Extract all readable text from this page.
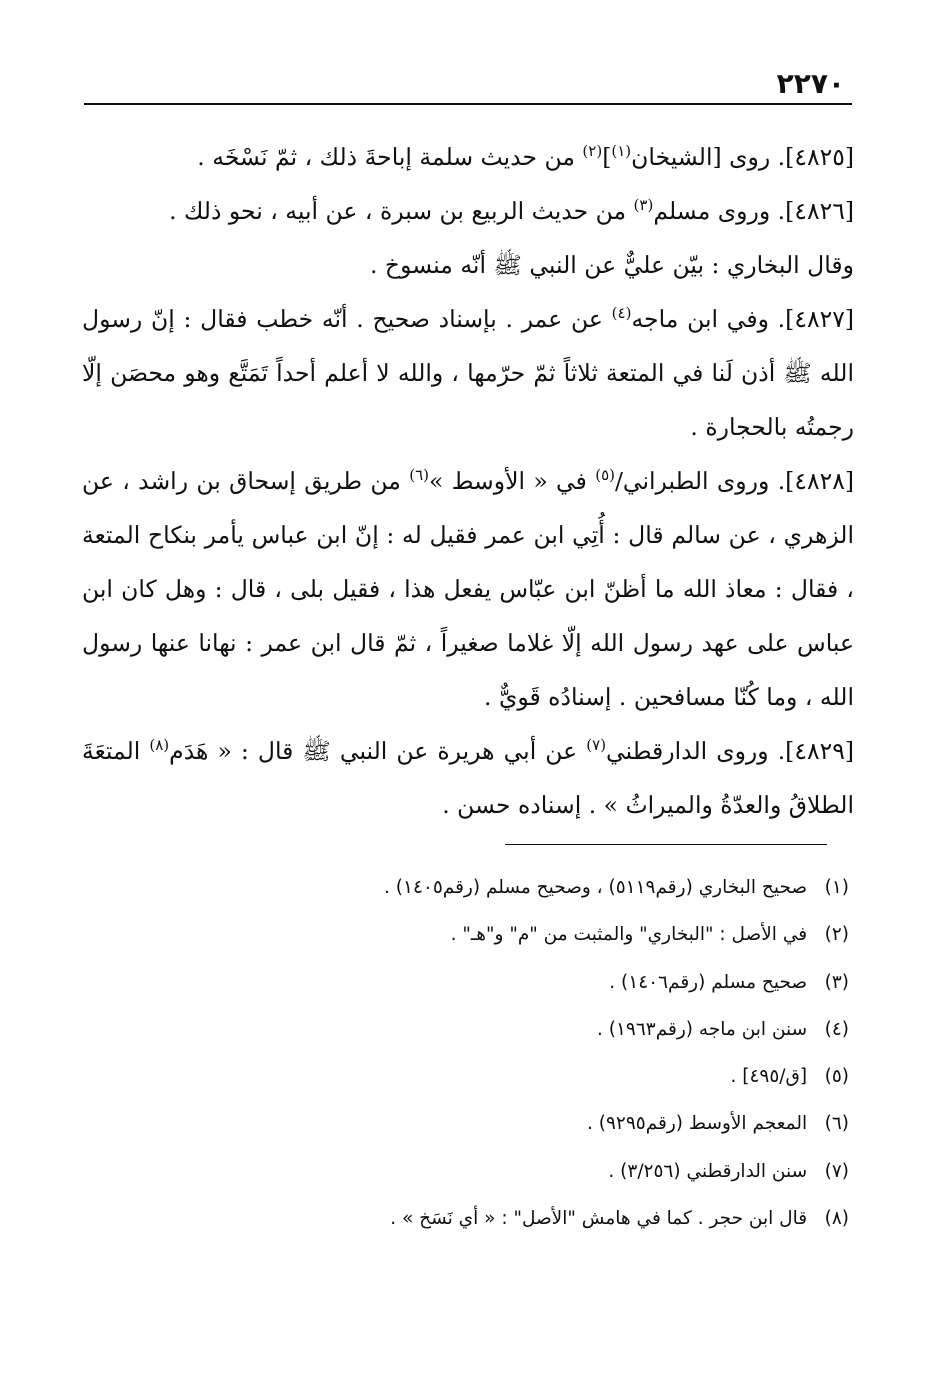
٢٢٧٠

[٤٨٢٥]. روى [الشيخان$^{(١)}$]$^{(٢)}$ من حديث سلمة إباحةَ ذلك ، ثمّ نَسْخَه .

[٤٨٢٦]. وروى مسلم$^{(٣)}$ من حديث الربيع بن سبرة ، عن أبيه ، نحو ذلك .

وقال البخاري : بيّن عليٌّ عن النبي ﷺ أنّه منسوخ .

[٤٨٢٧]. وفي ابن ماجه$^{(٤)}$ عن عمر . بإسناد صحيح . أنّه خطب فقال : إنّ رسول الله ﷺ أذن لَنا في المتعة ثلاثاً ثمّ حرّمها ، والله لا أعلم أحداً تَمَتَّع وهو محصَن إلّا رجمتُه بالحجارة .

[٤٨٢٨]. وروى الطبراني/$^{(٥)}$ في « الأوسط »$^{(٦)}$ من طريق إسحاق بن راشد ، عن الزهري ، عن سالم قال : أُتِي ابن عمر فقيل له : إنّ ابن عباس يأمر بنكاح المتعة ، فقال : معاذ الله ما أظنّ ابن عبّاس يفعل هذا ، فقيل بلى ، قال : وهل كان ابن عباس على عهد رسول الله إلّا غلاما صغيراً ، ثمّ قال ابن عمر : نهانا عنها رسول الله ، وما كُنّا مسافحين . إسنادُه قَويٌّ .

[٤٨٢٩]. وروى الدارقطني$^{(٧)}$ عن أبي هريرة عن النبي ﷺ قال : « هَدَم$^{(٨)}$ المتعَةَ الطلاقُ والعدّةُ والميراثُ » . إسناده حسن .

(١) صحيح البخاري (رقم٥١١٩) ، وصحيح مسلم (رقم١٤٠٥) .
(٢) في الأصل : "البخاري" والمثبت من "م" و"هـ" .
(٣) صحيح مسلم (رقم١٤٠٦) .
(٤) سنن ابن ماجه (رقم١٩٦٣) .
(٥) [ق/٤٩٥] .
(٦) المعجم الأوسط (رقم٩٢٩٥) .
(٧) سنن الدارقطني (٣/٢٥٦) .
(٨) قال ابن حجر . كما في هامش "الأصل" : « أي نَسَخ » .
